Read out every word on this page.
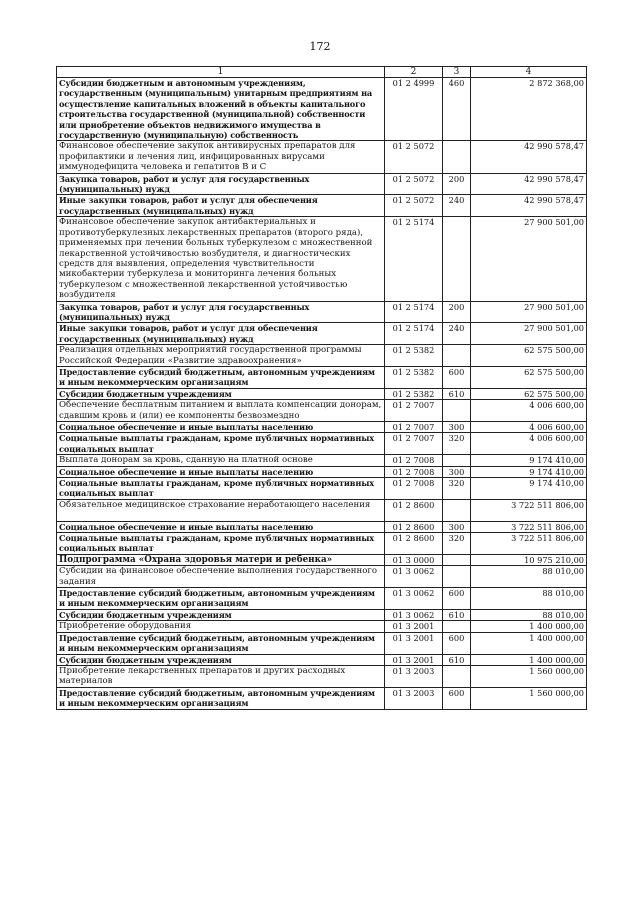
172
1	2	3	4
Субсидии бюджетным и автономным учреждениям, государственным (муниципальным) унитарным предприятиям на осуществление капитальных вложений в объекты капитального строительства государственной (муниципальной) собственности или приобретение объектов недвижимого имущества в государственную (муниципальную) собственность	01 2 4999	460	2 872 368,00
Финансовое обеспечение закупок антивирусных препаратов для профилактики и лечения лиц, инфицированных вирусами иммунодефицита человека и гепатитов В и С	01 2 5072		42 990 578,47
Закупка товаров, работ и услуг для государственных (муниципальных) нужд	01 2 5072	200	42 990 578,47
Иные закупки товаров, работ и услуг для обеспечения государственных (муниципальных) нужд	01 2 5072	240	42 990 578,47
Финансовое обеспечение закупок антибактериальных и противотуберкулезных лекарственных препаратов (второго ряда), применяемых при лечении больных туберкулезом с множественной лекарственной устойчивостью возбудителя, и диагностических средств для выявления, определения чувствительности микобактерии туберкулеза и мониторинга лечения больных туберкулезом с множественной лекарственной устойчивостью возбудителя	01 2 5174		27 900 501,00
Закупка товаров, работ и услуг для государственных (муниципальных) нужд	01 2 5174	200	27 900 501,00
Иные закупки товаров, работ и услуг для обеспечения государственных (муниципальных) нужд	01 2 5174	240	27 900 501,00
Реализация отдельных мероприятий государственной программы Российской Федерации «Развитие здравоохранения»	01 2 5382		62 575 500,00
Предоставление субсидий бюджетным, автономным учреждениям и иным некоммерческим организациям	01 2 5382	600	62 575 500,00
Субсидии бюджетным учреждениям	01 2 5382	610	62 575 500,00
Обеспечение бесплатным питанием и выплата компенсации донорам, сдавшим кровь и (или) ее компоненты безвозмездно	01 2 7007		4 006 600,00
Социальное обеспечение и иные выплаты населению	01 2 7007	300	4 006 600,00
Социальные выплаты гражданам, кроме публичных нормативных социальных выплат	01 2 7007	320	4 006 600,00
Выплата донорам за кровь, сданную на платной основе	01 2 7008		9 174 410,00
Социальное обеспечение и иные выплаты населению	01 2 7008	300	9 174 410,00
Социальные выплаты гражданам, кроме публичных нормативных социальных выплат	01 2 7008	320	9 174 410,00
Обязательное медицинское страхование неработающего населения	01 2 8600		3 722 511 806,00
Социальное обеспечение и иные выплаты населению	01 2 8600	300	3 722 511 806,00
Социальные выплаты гражданам, кроме публичных нормативных социальных выплат	01 2 8600	320	3 722 511 806,00
Подпрограмма «Охрана здоровья матери и ребенка»	01 3 0000		10 975 210,00
Субсидии на финансовое обеспечение выполнения государственного задания	01 3 0062		88 010,00
Предоставление субсидий бюджетным, автономным учреждениям и иным некоммерческим организациям	01 3 0062	600	88 010,00
Субсидии бюджетным учреждениям	01 3 0062	610	88 010,00
Приобретение оборудования	01 3 2001		1 400 000,00
Предоставление субсидий бюджетным, автономным учреждениям и иным некоммерческим организациям	01 3 2001	600	1 400 000,00
Субсидии бюджетным учреждениям	01 3 2001	610	1 400 000,00
Приобретение лекарственных препаратов и других расходных материалов	01 3 2003		1 560 000,00
Предоставление субсидий бюджетным, автономным учреждениям и иным некоммерческим организациям	01 3 2003	600	1 560 000,00
